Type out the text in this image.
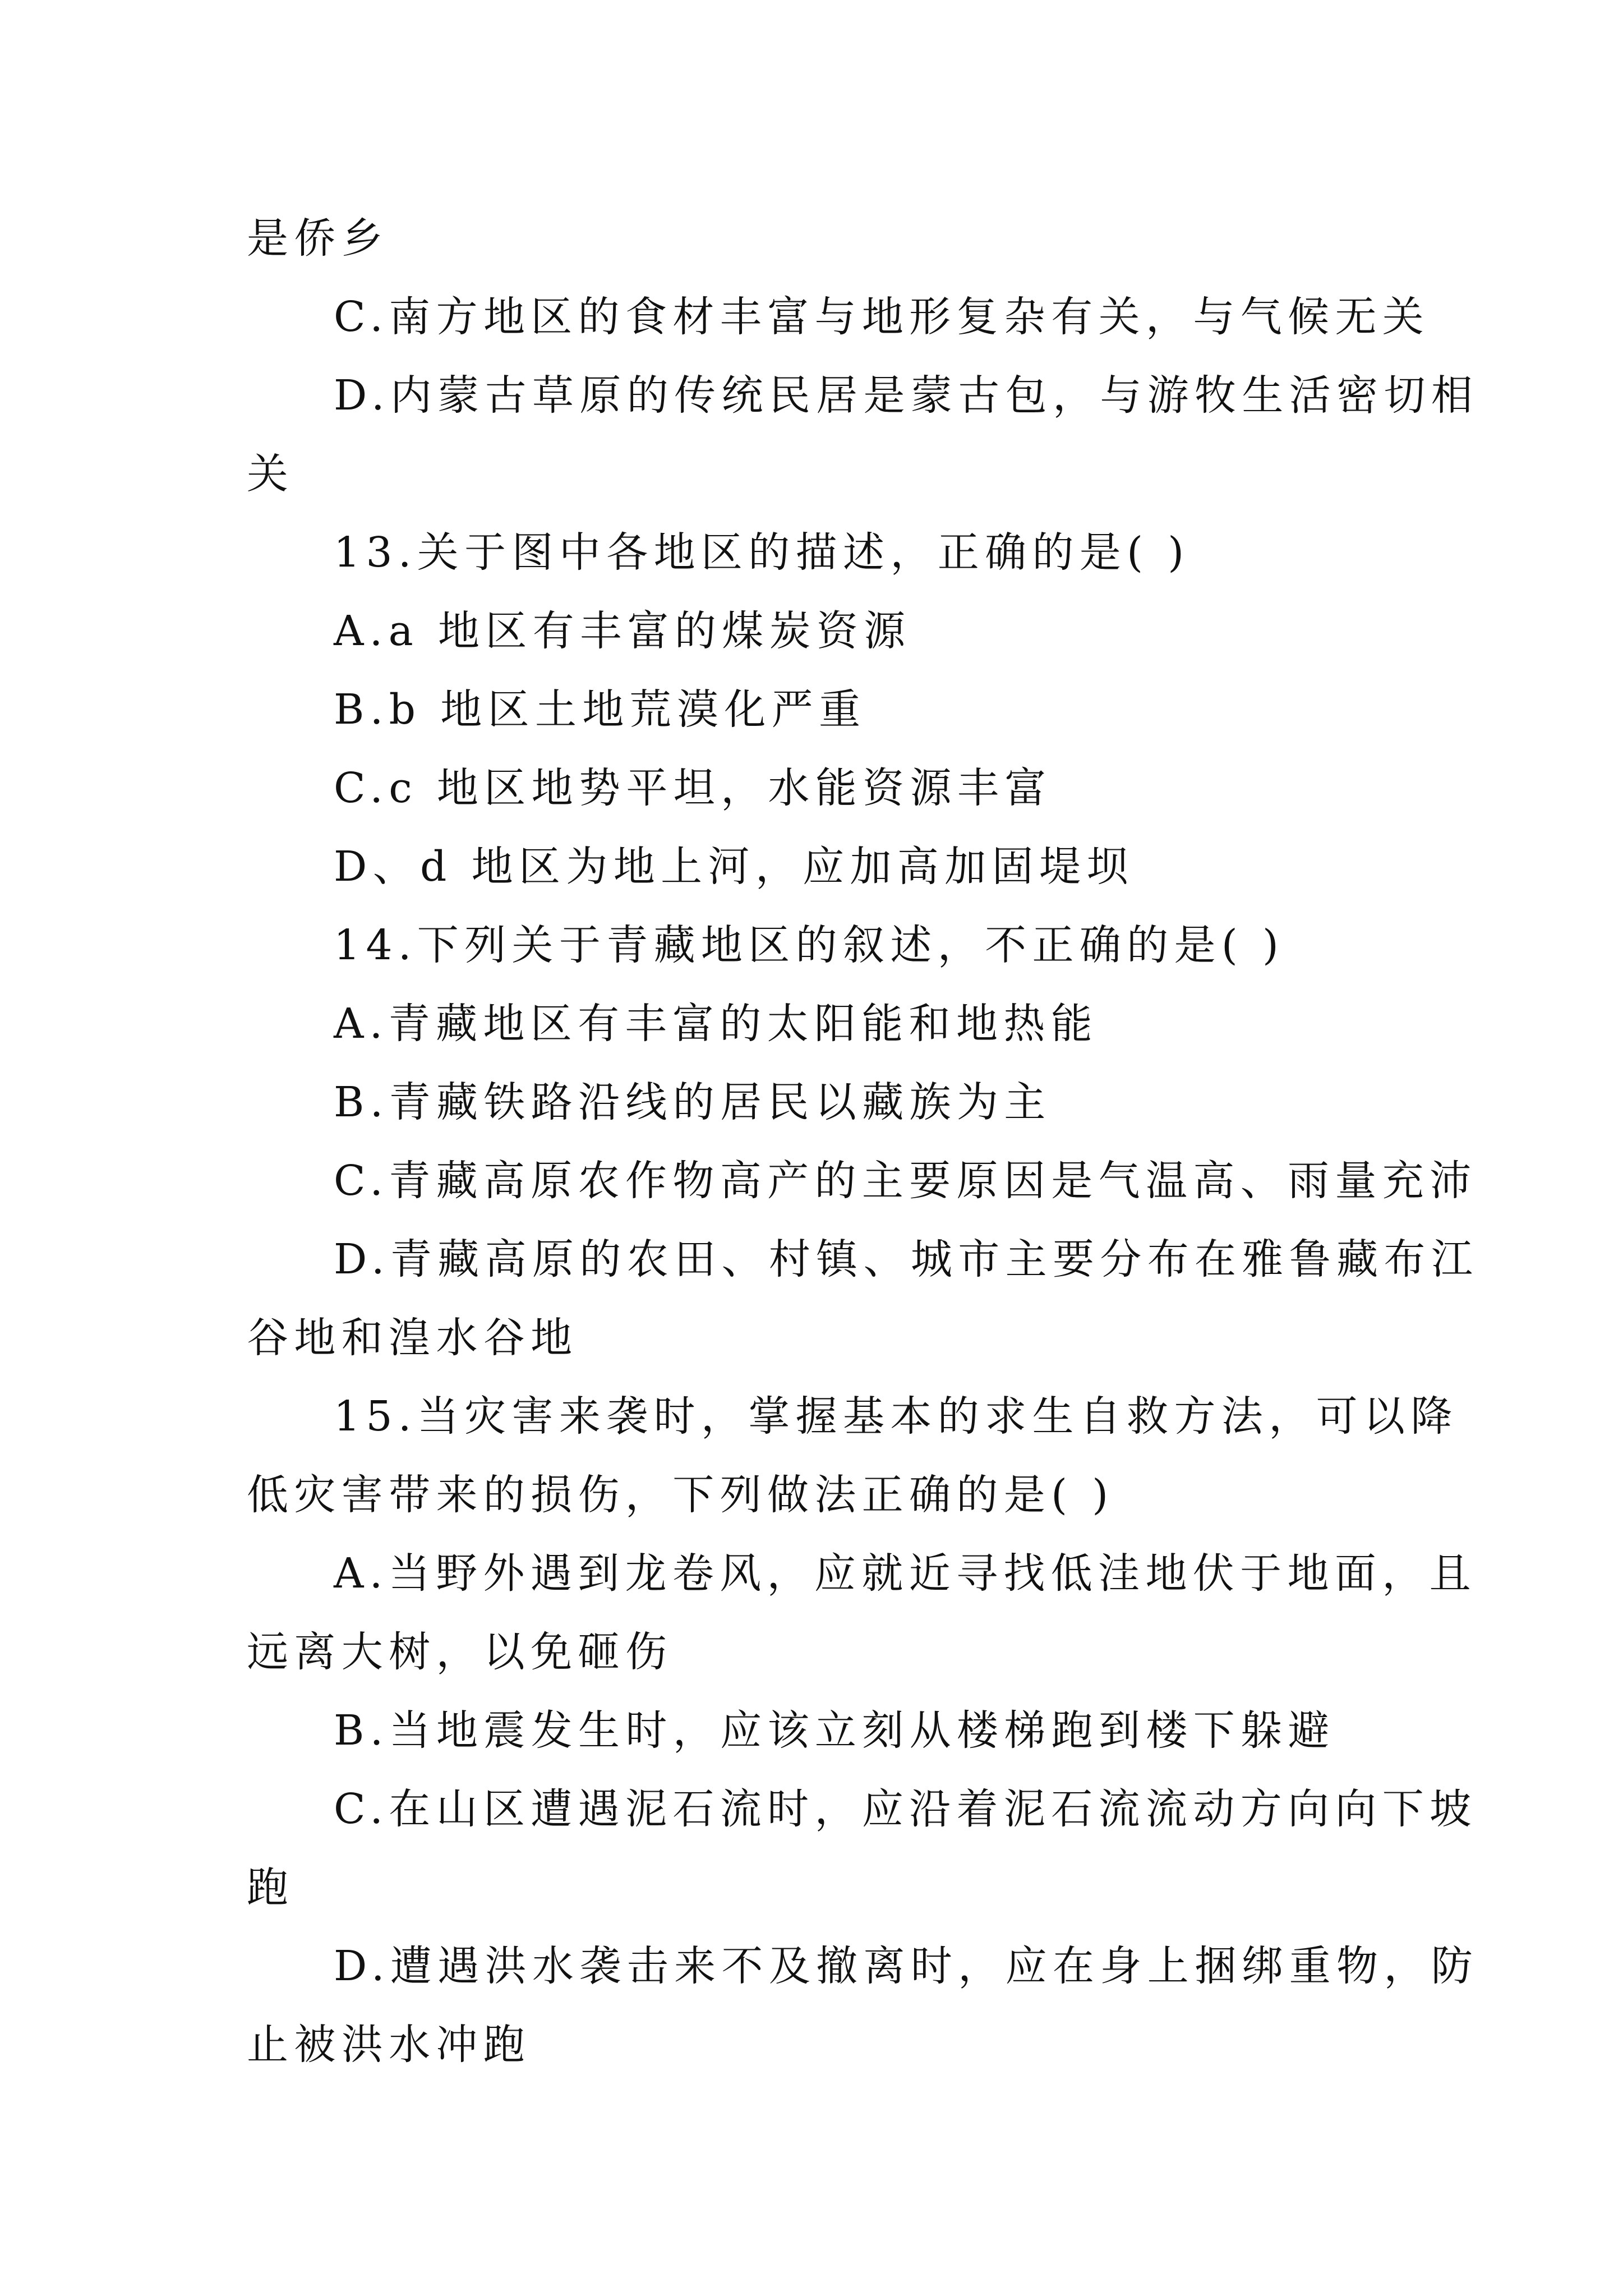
是侨乡
C.南方地区的食材丰富与地形复杂有关，与气候无关
D.内蒙古草原的传统民居是蒙古包，与游牧生活密切相
关
13.关于图中各地区的描述，正确的是( )
A.a 地区有丰富的煤炭资源
B.b 地区土地荒漠化严重
C.c 地区地势平坦，水能资源丰富
D、d 地区为地上河，应加高加固堤坝
14.下列关于青藏地区的叙述，不正确的是( )
A.青藏地区有丰富的太阳能和地热能
B.青藏铁路沿线的居民以藏族为主
C.青藏高原农作物高产的主要原因是气温高、雨量充沛
D.青藏高原的农田、村镇、城市主要分布在雅鲁藏布江
谷地和湟水谷地
15.当灾害来袭时，掌握基本的求生自救方法，可以降
低灾害带来的损伤，下列做法正确的是( )
A.当野外遇到龙卷风，应就近寻找低洼地伏于地面，且
远离大树，以免砸伤
B.当地震发生时，应该立刻从楼梯跑到楼下躲避
C.在山区遭遇泥石流时，应沿着泥石流流动方向向下坡
跑
D.遭遇洪水袭击来不及撤离时，应在身上捆绑重物，防
止被洪水冲跑
